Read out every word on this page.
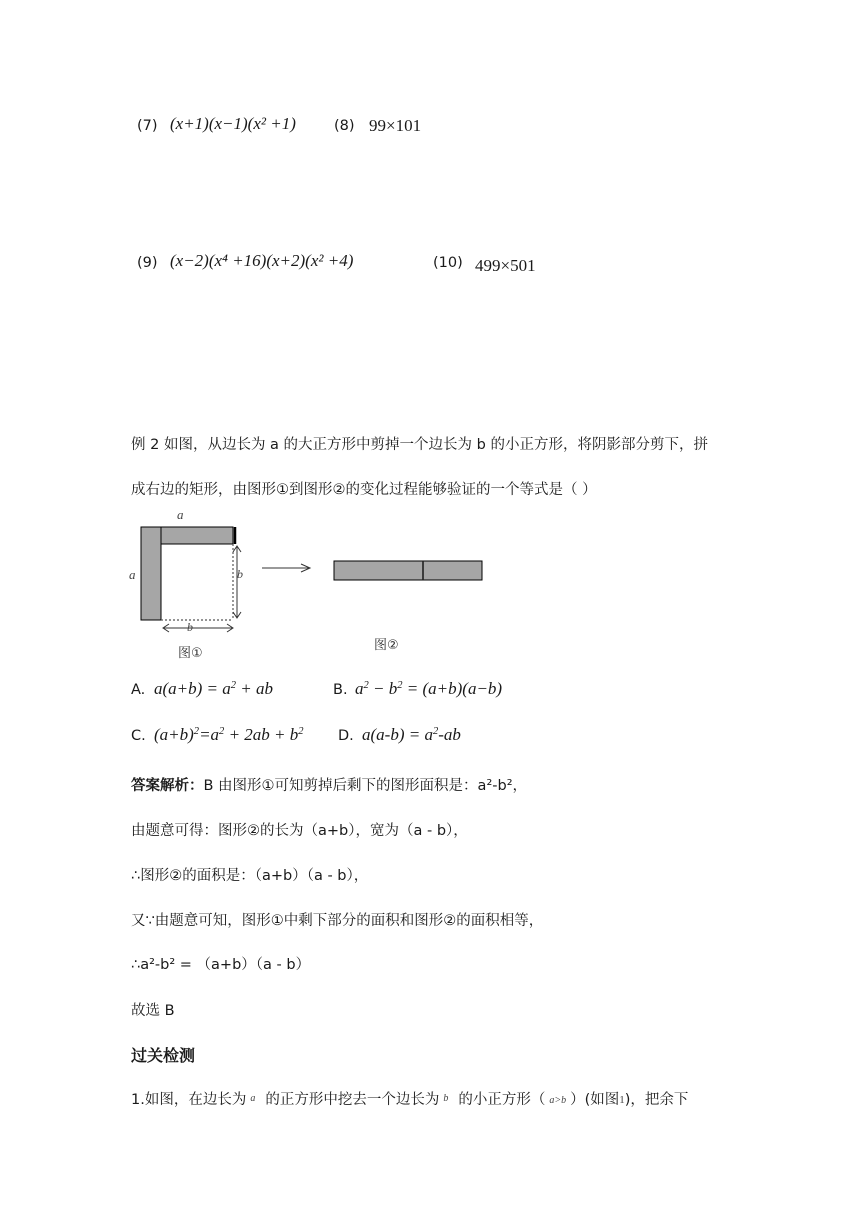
(7) (x+1)(x−1)(x² +1)	(8) 99×101
(9) (x−2)(x⁴ +16)(x+2)(x² +4)	(10) 499×501
例 2 如图，从边长为 a 的大正方形中剪掉一个边长为 b 的小正方形，将阴影部分剪下，拼
成右边的矩形，由图形①到图形②的变化过程能够验证的一个等式是（ ）
a
a	b
b
图①
图②
A. $a(a+b) = a^2$ + ab	B. $a^2 - b^2 = (a+b)(a-b)$
C. $(a+b)^2=a^2 + 2ab + b^2$ D. $a(a-b) = a^2-ab$
答案解析：B 由图形①可知剪掉后剩下的图形面积是：a²-b²，
由题意可得：图形②的长为（a+b），宽为（a - b），
∴图形②的面积是：（a+b）（a - b），
又∵由题意可知，图形①中剩下部分的面积和图形②的面积相等，
∴a²-b² = （a+b）（a - b）
故选 B
过关检测
1.如图，在边长为 $^a$ 的正方形中挖去一个边长为 $^b$ 的小正方形（ a>b ）(如图1)，把余下
